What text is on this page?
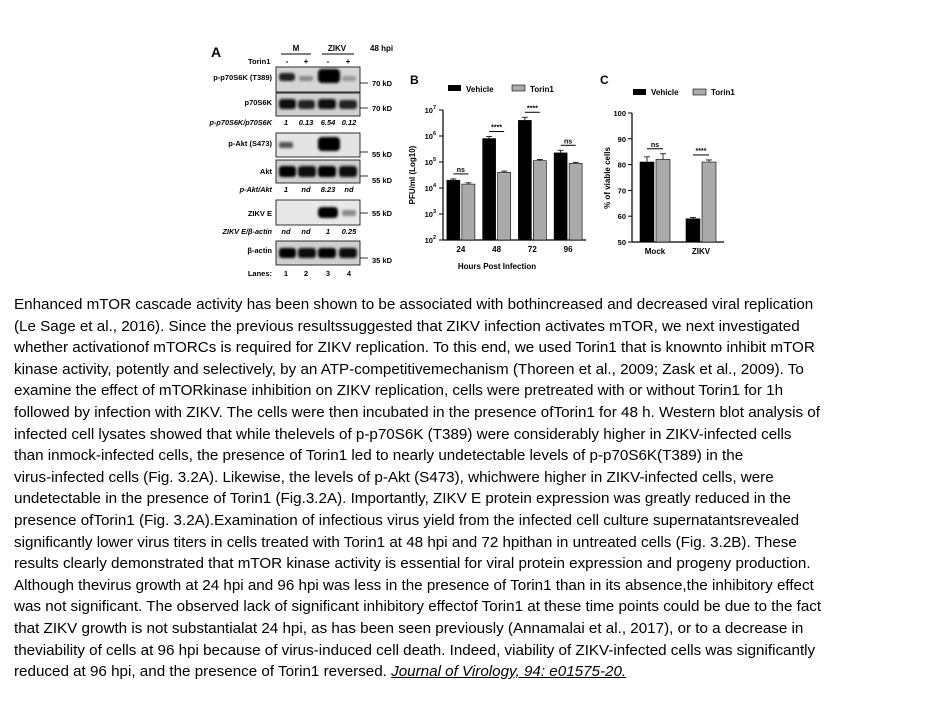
A	48 hpi
M	ZIKV
Torin1 - + - +
p-p70S6K (T389)
70 kD
p70S6K
70 kD
p-p70S6K/p70S6K 1 0.13 6.54 0.12
p-Akt (S473)
55 kD
Akt
55 kD
p-Akt/Akt 1 nd 8.23 nd
ZIKV E	55 kD
ZIKV E/β-actin nd nd 1 0.25
β-actin
35 kD
Lanes: 1 2 3 4
B
Vehicle	Torin1
$10^2$
$10^3$
$10^4$
$10^5$
$10^6$
$10^7$
ns
24
****
48
****
72
ns
96
PFU/ml (Log10)
Hours Post Infection
C
Vehicle	Torin1
50
60
70
80
90
100
ns
Mock
****
ZIKV
% of viable cells

Enhanced mTOR cascade activity has been shown to be associated with bothincreased and decreased viral replication

(Le Sage et al., 2016). Since the previous resultssuggested that ZIKV infection activates mTOR, we next investigated

whether activationof mTORCs is required for ZIKV replication. To this end, we used Torin1 that is knownto inhibit mTOR

kinase activity, potently and selectively, by an ATP-competitivemechanism (Thoreen et al., 2009; Zask et al., 2009). To

examine the effect of mTORkinase inhibition on ZIKV replication, cells were pretreated with or without Torin1 for 1h

followed by infection with ZIKV. The cells were then incubated in the presence ofTorin1 for 48 h. Western blot analysis of

infected cell lysates showed that while thelevels of p-p70S6K (T389) were considerably higher in ZIKV-infected cells

than inmock-infected cells, the presence of Torin1 led to nearly undetectable levels of p-p70S6K(T389) in the

virus-infected cells (Fig. 3.2A). Likewise, the levels of p-Akt (S473), whichwere higher in ZIKV-infected cells, were

undetectable in the presence of Torin1 (Fig.3.2A). Importantly, ZIKV E protein expression was greatly reduced in the

presence ofTorin1 (Fig. 3.2A).Examination of infectious virus yield from the infected cell culture supernatantsrevealed

significantly lower virus titers in cells treated with Torin1 at 48 hpi and 72 hpithan in untreated cells (Fig. 3.2B). These

results clearly demonstrated that mTOR kinase activity is essential for viral protein expression and progeny production.

Although thevirus growth at 24 hpi and 96 hpi was less in the presence of Torin1 than in its absence,the inhibitory effect

was not significant. The observed lack of significant inhibitory effectof Torin1 at these time points could be due to the fact

that ZIKV growth is not substantialat 24 hpi, as has been seen previously (Annamalai et al., 2017), or to a decrease in

theviability of cells at 96 hpi because of virus-induced cell death. Indeed, viability of ZIKV-infected cells was significantly

reduced at 96 hpi, and the presence of Torin1 reversed. Journal of Virology, 94: e01575-20.
